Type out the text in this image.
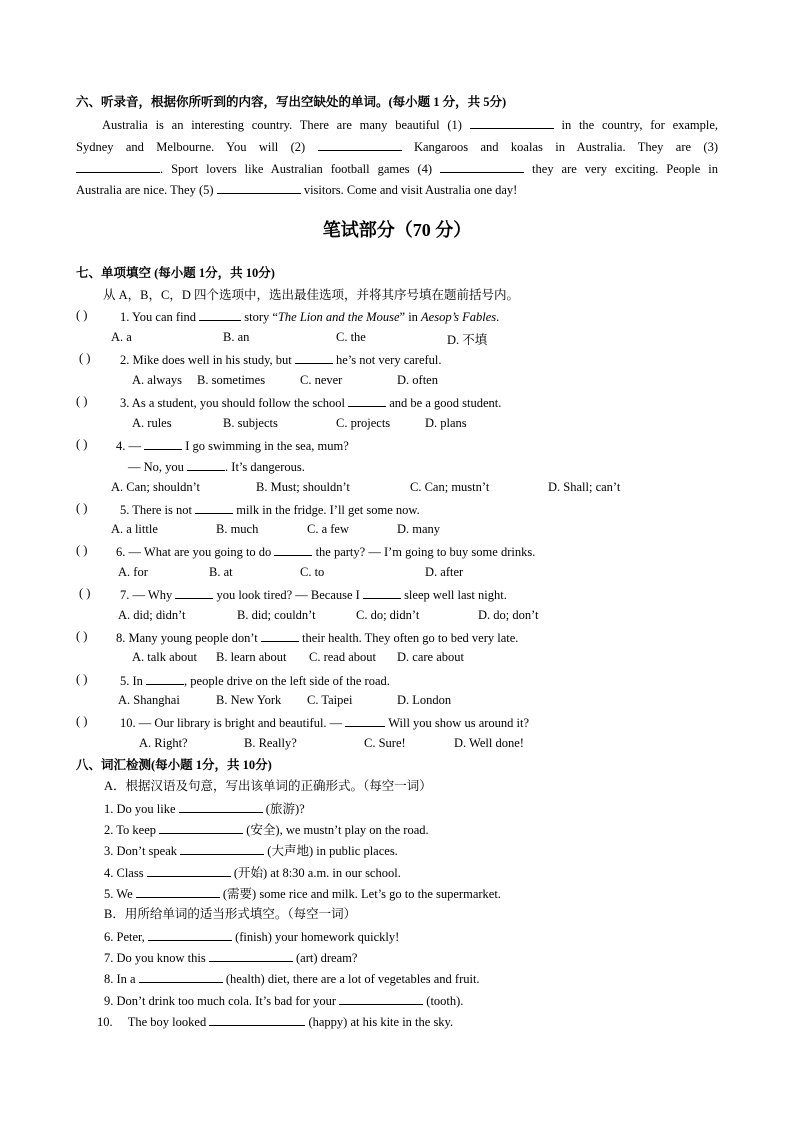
六、听录音，根据你所听到的内容，写出空缺处的单词。(每小题 1 分，共 5分)
Australia is an interesting country. There are many beautiful (1)	in the country, for example,
Sydney and Melbourne. You will (2)	Kangaroos and koalas in Australia. They are (3)
. Sport lovers like Australian football games (4)	they are very exciting. People in
Australia are nice. They (5)	visitors. Come and visit Australia one day!
笔试部分（70 分）
七、单项填空 (每小题 1分，共 10分)
从 A，B，C，D 四个选项中，选出最佳选项，并将其序号填在题前括号内。
( )	1. You can find	story “The Lion and the Mouse” in Aesop’s Fables.
A. a	B. an	C. the	D. 不填
( ) 2. Mike does well in his study, but	he’s not very careful.
A. always B. sometimes	C. never	D. often
( )	3. As a student, you should follow the school	and be a good student.
A. rules	B. subjects	C. projects	D. plans
( ) 4. —	I go swimming in the sea, mum?
— No, you	. It’s dangerous.
A. Can; shouldn’t	B. Must; shouldn’t	C. Can; mustn’t	D. Shall; can’t
( )	5. There is not	milk in the fridge. I’ll get some now.
A. a little	B. much	C. a few	D. many
( ) 6. — What are you going to do	the party? — I’m going to buy some drinks.
A. for	B. at	C. to	D. after
( ) 7. — Why	you look tired? — Because I	sleep well last night.
A. did; didn’t	B. did; couldn’t	C. do; didn’t	D. do; don’t
( ) 8. Many young people don’t	their health. They often go to bed very late.
A. talk about B. learn about C. read about D. care about
( )	5. In	, people drive on the left side of the road.
A. Shanghai	B. New York C. Taipei	D. London
( )	10. — Our library is bright and beautiful. —	Will you show us around it?
A. Right?	B. Really?	C. Sure!	D. Well done!
八、词汇检测(每小题 1分，共 10分)
A．根据汉语及句意，写出该单词的正确形式。（每空一词）
1. Do you like	(旅游)?
2. To keep	(安全), we mustn’t play on the road.
3. Don’t speak	(大声地) in public places.
4. Class	(开始) at 8:30 a.m. in our school.
5. We	(需要) some rice and milk. Let’s go to the supermarket.
B．用所给单词的适当形式填空。（每空一词）
6. Peter,	(finish) your homework quickly!
7. Do you know this	(art) dream?
8. In a	(health) diet, there are a lot of vegetables and fruit.
9. Don’t drink too much cola. It’s bad for your	(tooth).
10. The boy looked	(happy) at his kite in the sky.
